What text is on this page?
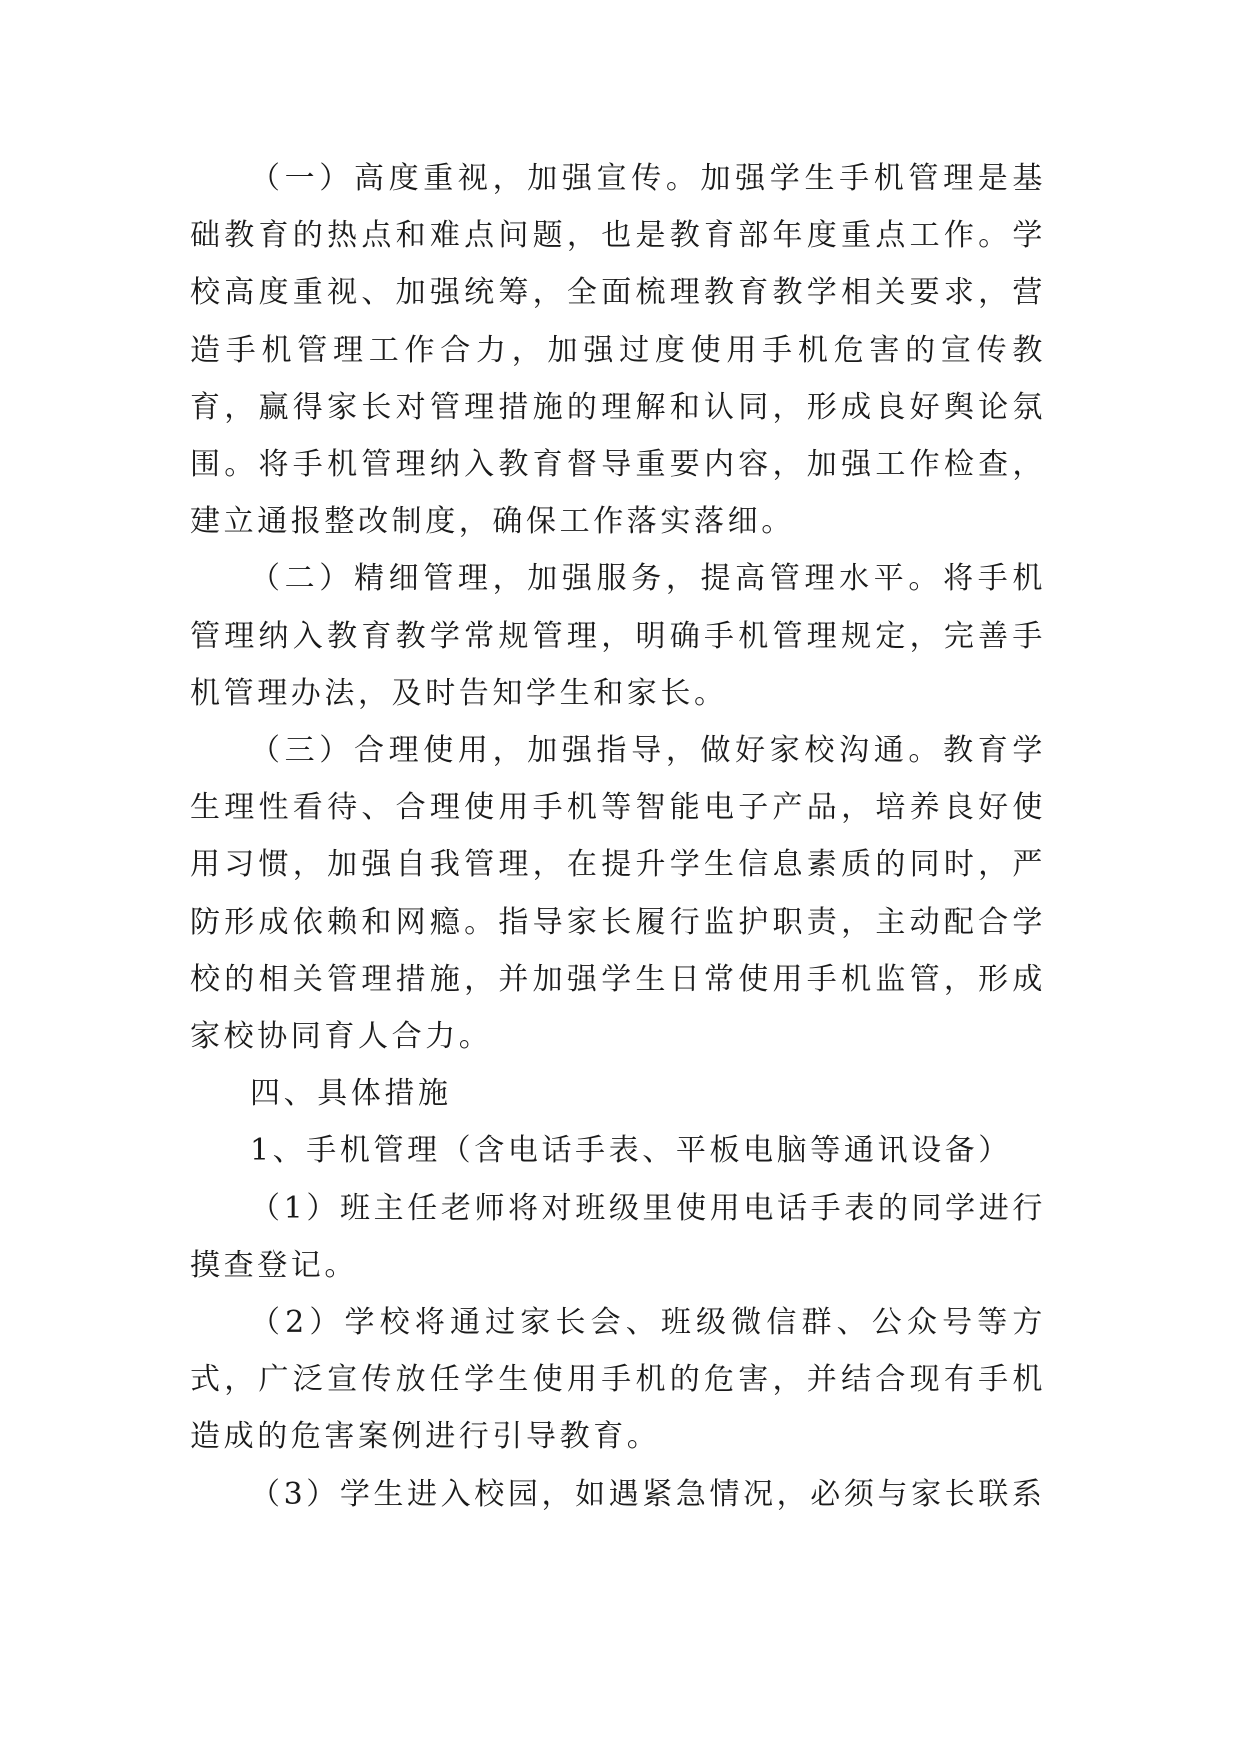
（一）高度重视，加强宣传。加强学生手机管理是基础教育的热点和难点问题，也是教育部年度重点工作。学校高度重视、加强统筹，全面梳理教育教学相关要求，营造手机管理工作合力，加强过度使用手机危害的宣传教育，赢得家长对管理措施的理解和认同，形成良好舆论氛围。将手机管理纳入教育督导重要内容，加强工作检查，建立通报整改制度，确保工作落实落细。

（二）精细管理，加强服务，提高管理水平。将手机管理纳入教育教学常规管理，明确手机管理规定，完善手机管理办法，及时告知学生和家长。

（三）合理使用，加强指导，做好家校沟通。教育学生理性看待、合理使用手机等智能电子产品，培养良好使用习惯，加强自我管理，在提升学生信息素质的同时，严防形成依赖和网瘾。指导家长履行监护职责，主动配合学校的相关管理措施，并加强学生日常使用手机监管，形成家校协同育人合力。

四、具体措施

1、手机管理（含电话手表、平板电脑等通讯设备）

（1）班主任老师将对班级里使用电话手表的同学进行摸查登记。

（2）学校将通过家长会、班级微信群、公众号等方式，广泛宣传放任学生使用手机的危害，并结合现有手机造成的危害案例进行引导教育。

（3）学生进入校园，如遇紧急情况，必须与家长联系
